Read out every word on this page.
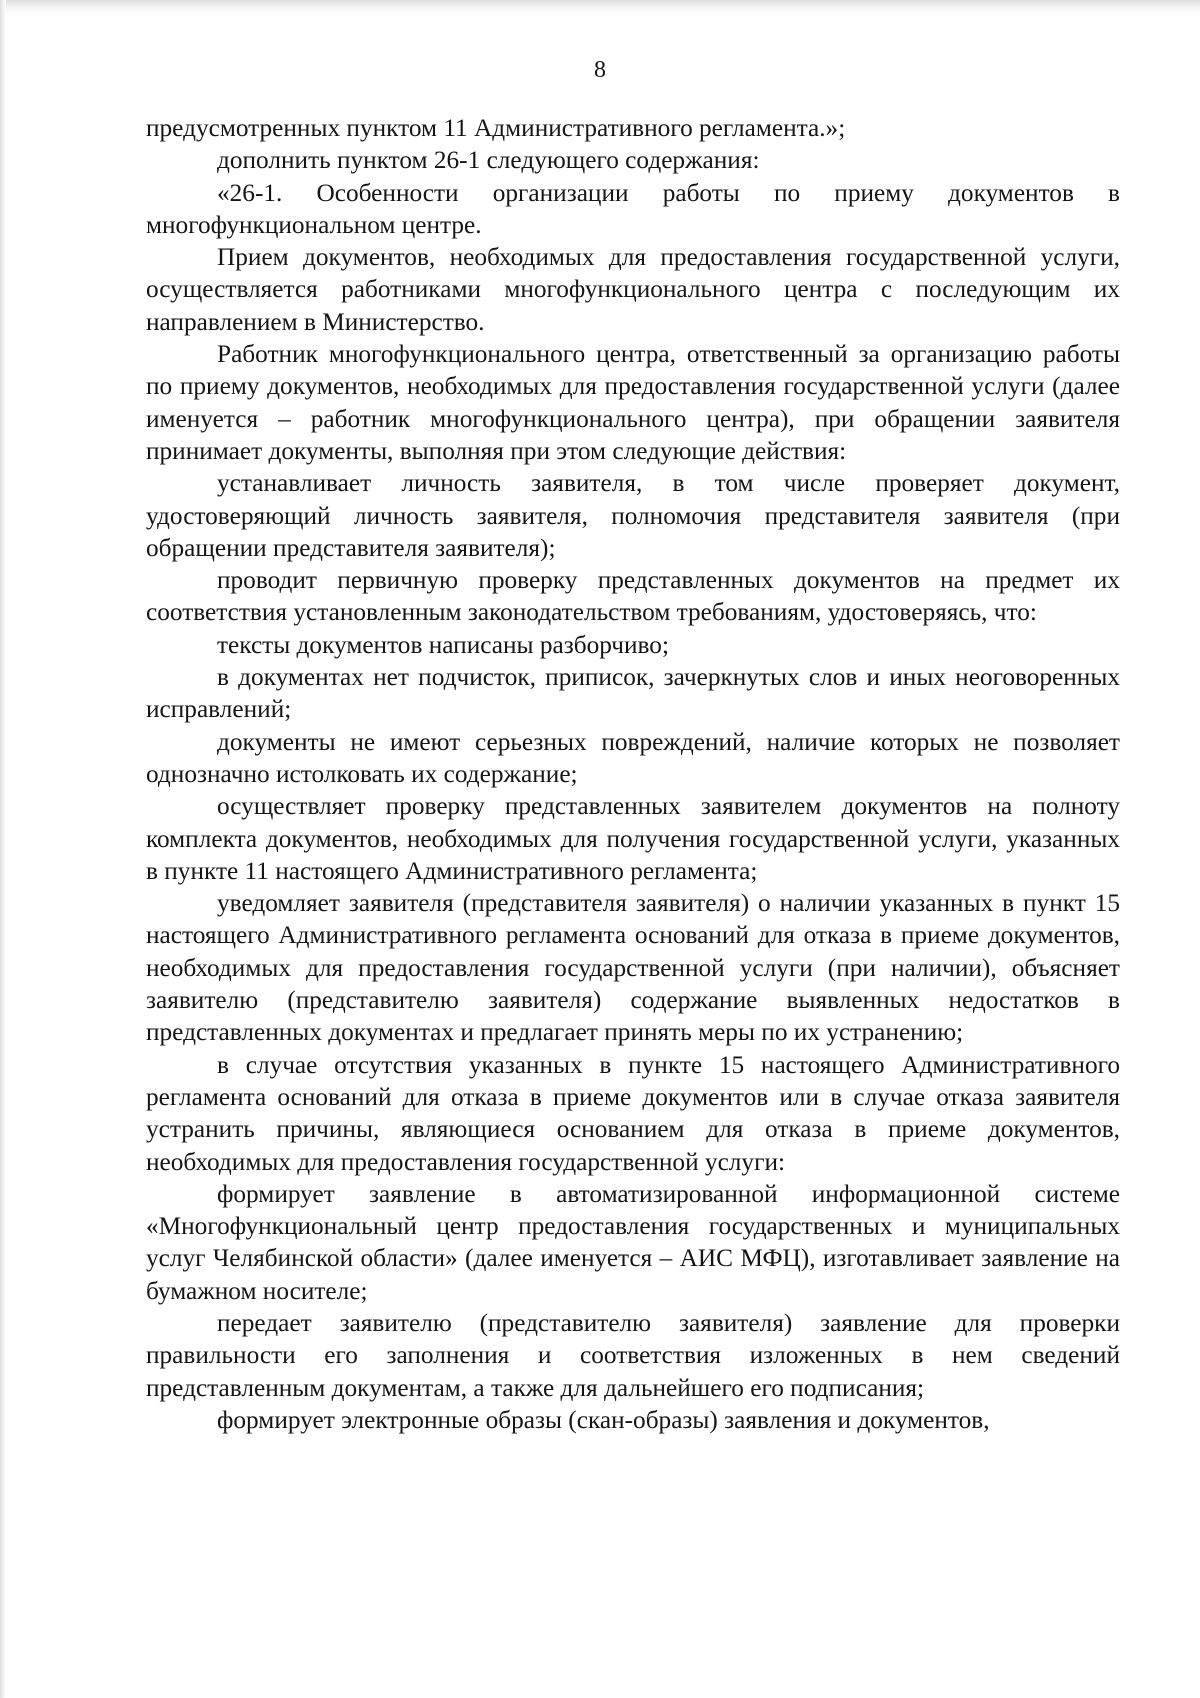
8

предусмотренных пунктом 11 Административного регламента.»;

дополнить пунктом 26-1 следующего содержания:

«26-1. Особенности организации работы по приему документов в многофункциональном центре.

Прием документов, необходимых для предоставления государственной услуги, осуществляется работниками многофункционального центра с последующим их направлением в Министерство.

Работник многофункционального центра, ответственный за организацию работы по приему документов, необходимых для предоставления государственной услуги (далее именуется – работник многофункционального центра), при обращении заявителя принимает документы, выполняя при этом следующие действия:

устанавливает личность заявителя, в том числе проверяет документ, удостоверяющий личность заявителя, полномочия представителя заявителя (при обращении представителя заявителя);

проводит первичную проверку представленных документов на предмет их соответствия установленным законодательством требованиям, удостоверяясь, что:

тексты документов написаны разборчиво;

в документах нет подчисток, приписок, зачеркнутых слов и иных неоговоренных исправлений;

документы не имеют серьезных повреждений, наличие которых не позволяет однозначно истолковать их содержание;

осуществляет проверку представленных заявителем документов на полноту комплекта документов, необходимых для получения государственной услуги, указанных в пункте 11 настоящего Административного регламента;

уведомляет заявителя (представителя заявителя) о наличии указанных в пункт 15 настоящего Административного регламента оснований для отказа в приеме документов, необходимых для предоставления государственной услуги (при наличии), объясняет заявителю (представителю заявителя) содержание выявленных недостатков в представленных документах и предлагает принять меры по их устранению;

в случае отсутствия указанных в пункте 15 настоящего Административного регламента оснований для отказа в приеме документов или в случае отказа заявителя устранить причины, являющиеся основанием для отказа в приеме документов, необходимых для предоставления государственной услуги:

формирует заявление в автоматизированной информационной системе «Многофункциональный центр предоставления государственных и муниципальных услуг Челябинской области» (далее именуется – АИС МФЦ), изготавливает заявление на бумажном носителе;

передает заявителю (представителю заявителя) заявление для проверки правильности его заполнения и соответствия изложенных в нем сведений представленным документам, а также для дальнейшего его подписания;

формирует электронные образы (скан-образы) заявления и документов,
